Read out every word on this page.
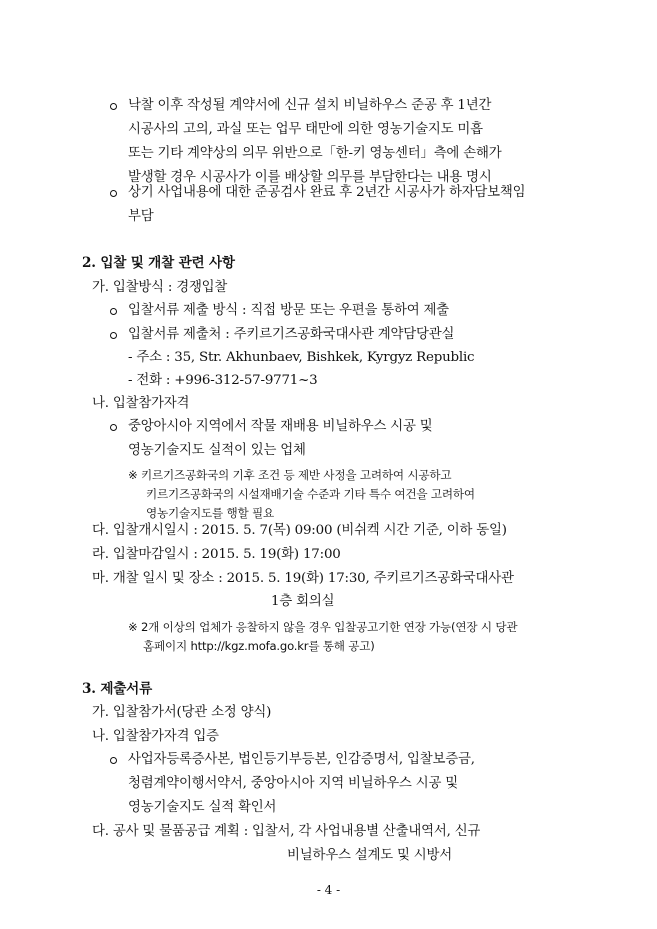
낙찰 이후 작성될 계약서에 신규 설치 비닐하우스 준공 후 1년간
시공사의 고의, 과실 또는 업무 태만에 의한 영농기술지도 미흡
또는 기타 계약상의 의무 위반으로「한-키 영농센터」측에 손해가
발생할 경우 시공사가 이를 배상할 의무를 부담한다는 내용 명시
상기 사업내용에 대한 준공검사 완료 후 2년간 시공사가 하자담보책임
부담
2. 입찰 및 개찰 관련 사항
가. 입찰방식 : 경쟁입찰
입찰서류 제출 방식 : 직접 방문 또는 우편을 통하여 제출
입찰서류 제출처 : 주키르기즈공화국대사관 계약담당관실
- 주소 : 35, Str. Akhunbaev, Bishkek, Kyrgyz Republic
- 전화 : +996-312-57-9771~3
나. 입찰참가자격
중앙아시아 지역에서 작물 재배용 비닐하우스 시공 및
영농기술지도 실적이 있는 업체
※ 키르기즈공화국의 기후 조건 등 제반 사정을 고려하여 시공하고
키르기즈공화국의 시설재배기술 수준과 기타 특수 여건을 고려하여
영농기술지도를 행할 필요
다. 입찰개시일시 : 2015. 5. 7(목) 09:00 (비쉬켁 시간 기준, 이하 동일)
라. 입찰마감일시 : 2015. 5. 19(화) 17:00
마. 개찰 일시 및 장소 : 2015. 5. 19(화) 17:30, 주키르기즈공화국대사관
1층 회의실
※ 2개 이상의 업체가 응찰하지 않을 경우 입찰공고기한 연장 가능(연장 시 당관
홈페이지 http://kgz.mofa.go.kr를 통해 공고)
3. 제출서류
가. 입찰참가서(당관 소정 양식)
나. 입찰참가자격 입증
사업자등록증사본, 법인등기부등본, 인감증명서, 입찰보증금,
청렴계약이행서약서, 중앙아시아 지역 비닐하우스 시공 및
영농기술지도 실적 확인서
다. 공사 및 물품공급 계획 : 입찰서, 각 사업내용별 산출내역서, 신규
비닐하우스 설계도 및 시방서
- 4 -
